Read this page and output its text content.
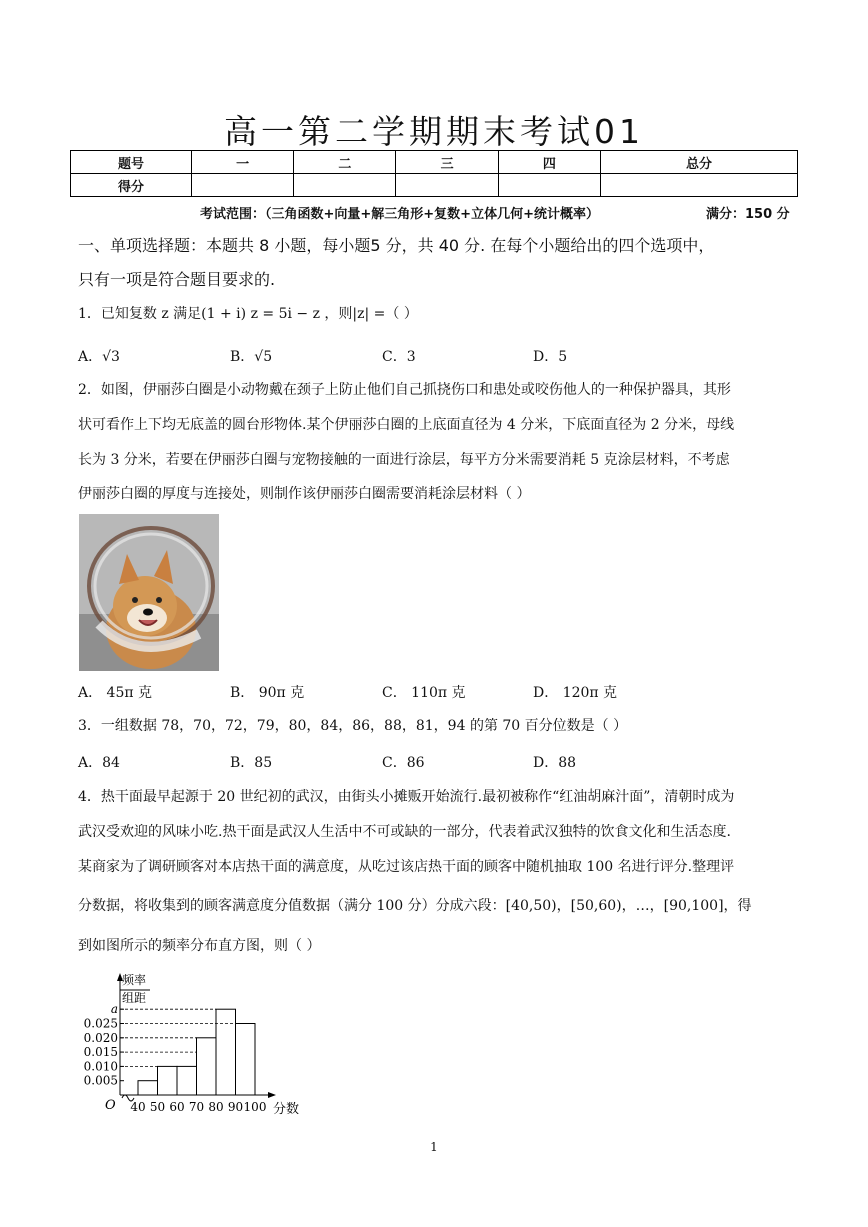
高一第二学期期末考试01
题号	一	二	三	四	总分
得分					
考试范围：（三角函数+向量+解三角形+复数+立体几何+统计概率）	满分：150 分
一、单项选择题：本题共 8 小题，每小题5 分，共 40 分. 在每个小题给出的四个选项中，
只有一项是符合题目要求的.
1．已知复数 z 满足(1 + i) z = 5i − z ，则|z| =（ ）
A．√3	B．√5	C．3	D．5
2．如图，伊丽莎白圈是小动物戴在颈子上防止他们自己抓挠伤口和患处或咬伤他人的一种保护器具，其形
状可看作上下均无底盖的圆台形物体.某个伊丽莎白圈的上底面直径为 4 分米，下底面直径为 2 分米，母线
长为 3 分米，若要在伊丽莎白圈与宠物接触的一面进行涂层，每平方分米需要消耗 5 克涂层材料，不考虑
伊丽莎白圈的厚度与连接处，则制作该伊丽莎白圈需要消耗涂层材料（ ）
A． 45π 克	B． 90π 克	C． 110π 克	D． 120π 克
3．一组数据 78，70，72，79，80，84，86，88，81，94 的第 70 百分位数是（ ）
A．84	B．85	C．86	D．88
4．热干面最早起源于 20 世纪初的武汉，由街头小摊贩开始流行.最初被称作“红油胡麻汁面”，清朝时成为
武汉受欢迎的风味小吃.热干面是武汉人生活中不可或缺的一部分，代表着武汉独特的饮食文化和生活态度.
某商家为了调研顾客对本店热干面的满意度，从吃过该店热干面的顾客中随机抽取 100 名进行评分.整理评
分数据，将收集到的顾客满意度分值数据（满分 100 分）分成六段：[40,50)，[50,60)，…，[90,100]，得
到如图所示的频率分布直方图，则（ ）
0.005
0.010
0.015
0.020
0.025
a
40 50 60 70 80 90 100
频率
组距
O	分数
1
